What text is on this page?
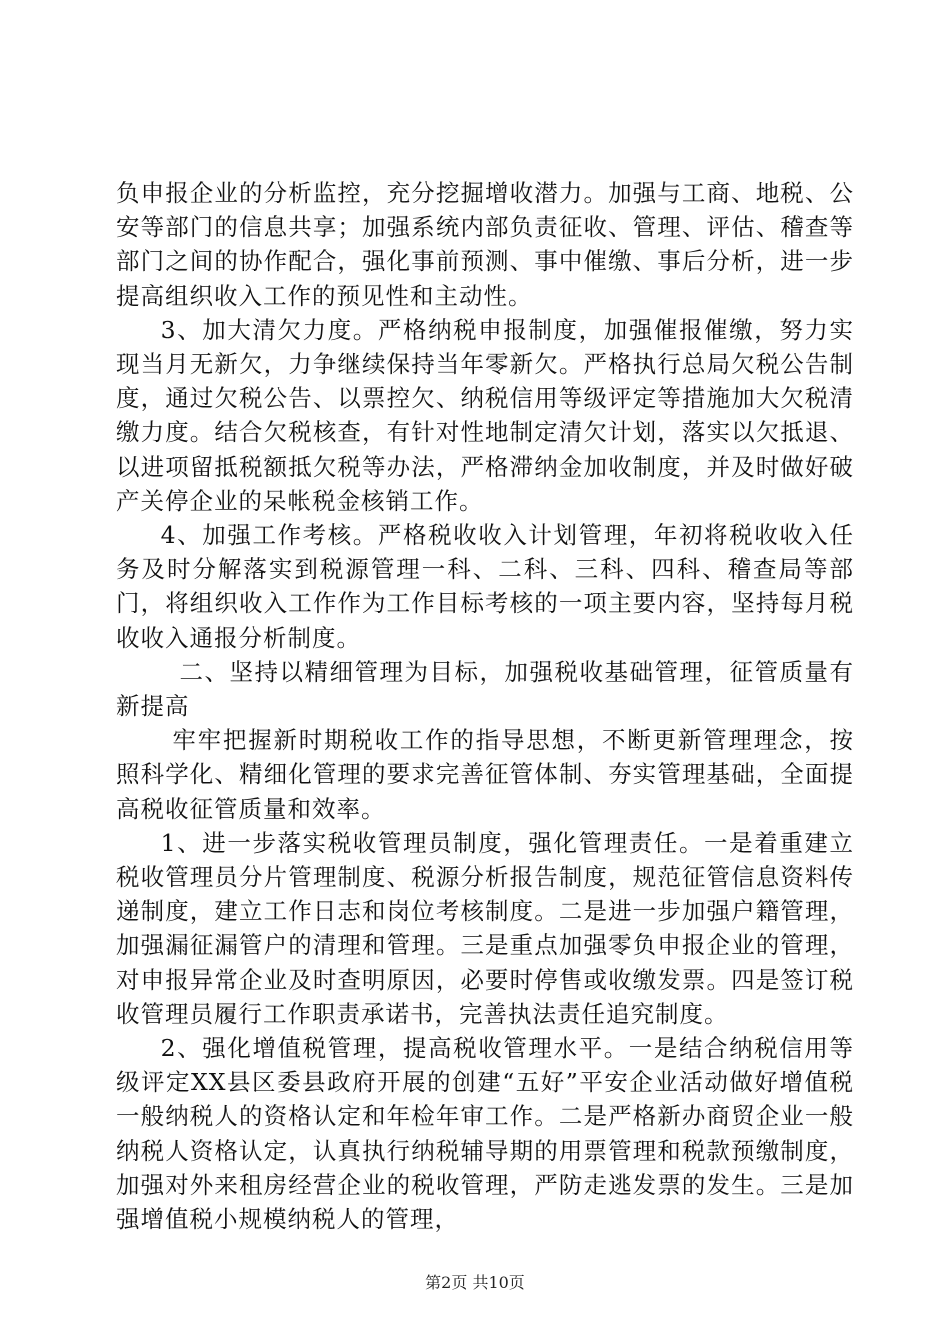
负申报企业的分析监控，充分挖掘增收潜力。加强与工商、地税、公安等部门的信息共享；加强系统内部负责征收、管理、评估、稽查等部门之间的协作配合，强化事前预测、事中催缴、事后分析，进一步提高组织收入工作的预见性和主动性。

3、加大清欠力度。严格纳税申报制度，加强催报催缴，努力实现当月无新欠，力争继续保持当年零新欠。严格执行总局欠税公告制度，通过欠税公告、以票控欠、纳税信用等级评定等措施加大欠税清缴力度。结合欠税核查，有针对性地制定清欠计划，落实以欠抵退、以进项留抵税额抵欠税等办法，严格滞纳金加收制度，并及时做好破产关停企业的呆帐税金核销工作。

4、加强工作考核。严格税收收入计划管理，年初将税收收入任务及时分解落实到税源管理一科、二科、三科、四科、稽查局等部门，将组织收入工作作为工作目标考核的一项主要内容，坚持每月税收收入通报分析制度。

二、坚持以精细管理为目标，加强税收基础管理，征管质量有新提高

牢牢把握新时期税收工作的指导思想，不断更新管理理念，按照科学化、精细化管理的要求完善征管体制、夯实管理基础，全面提高税收征管质量和效率。

1、进一步落实税收管理员制度，强化管理责任。一是着重建立税收管理员分片管理制度、税源分析报告制度，规范征管信息资料传递制度，建立工作日志和岗位考核制度。二是进一步加强户籍管理，加强漏征漏管户的清理和管理。三是重点加强零负申报企业的管理，对申报异常企业及时查明原因，必要时停售或收缴发票。四是签订税收管理员履行工作职责承诺书，完善执法责任追究制度。

2、强化增值税管理，提高税收管理水平。一是结合纳税信用等级评定XX县区委县政府开展的创建“五好”平安企业活动做好增值税一般纳税人的资格认定和年检年审工作。二是严格新办商贸企业一般纳税人资格认定，认真执行纳税辅导期的用票管理和税款预缴制度，加强对外来租房经营企业的税收管理，严防走逃发票的发生。三是加强增值税小规模纳税人的管理，

第2页 共10页
